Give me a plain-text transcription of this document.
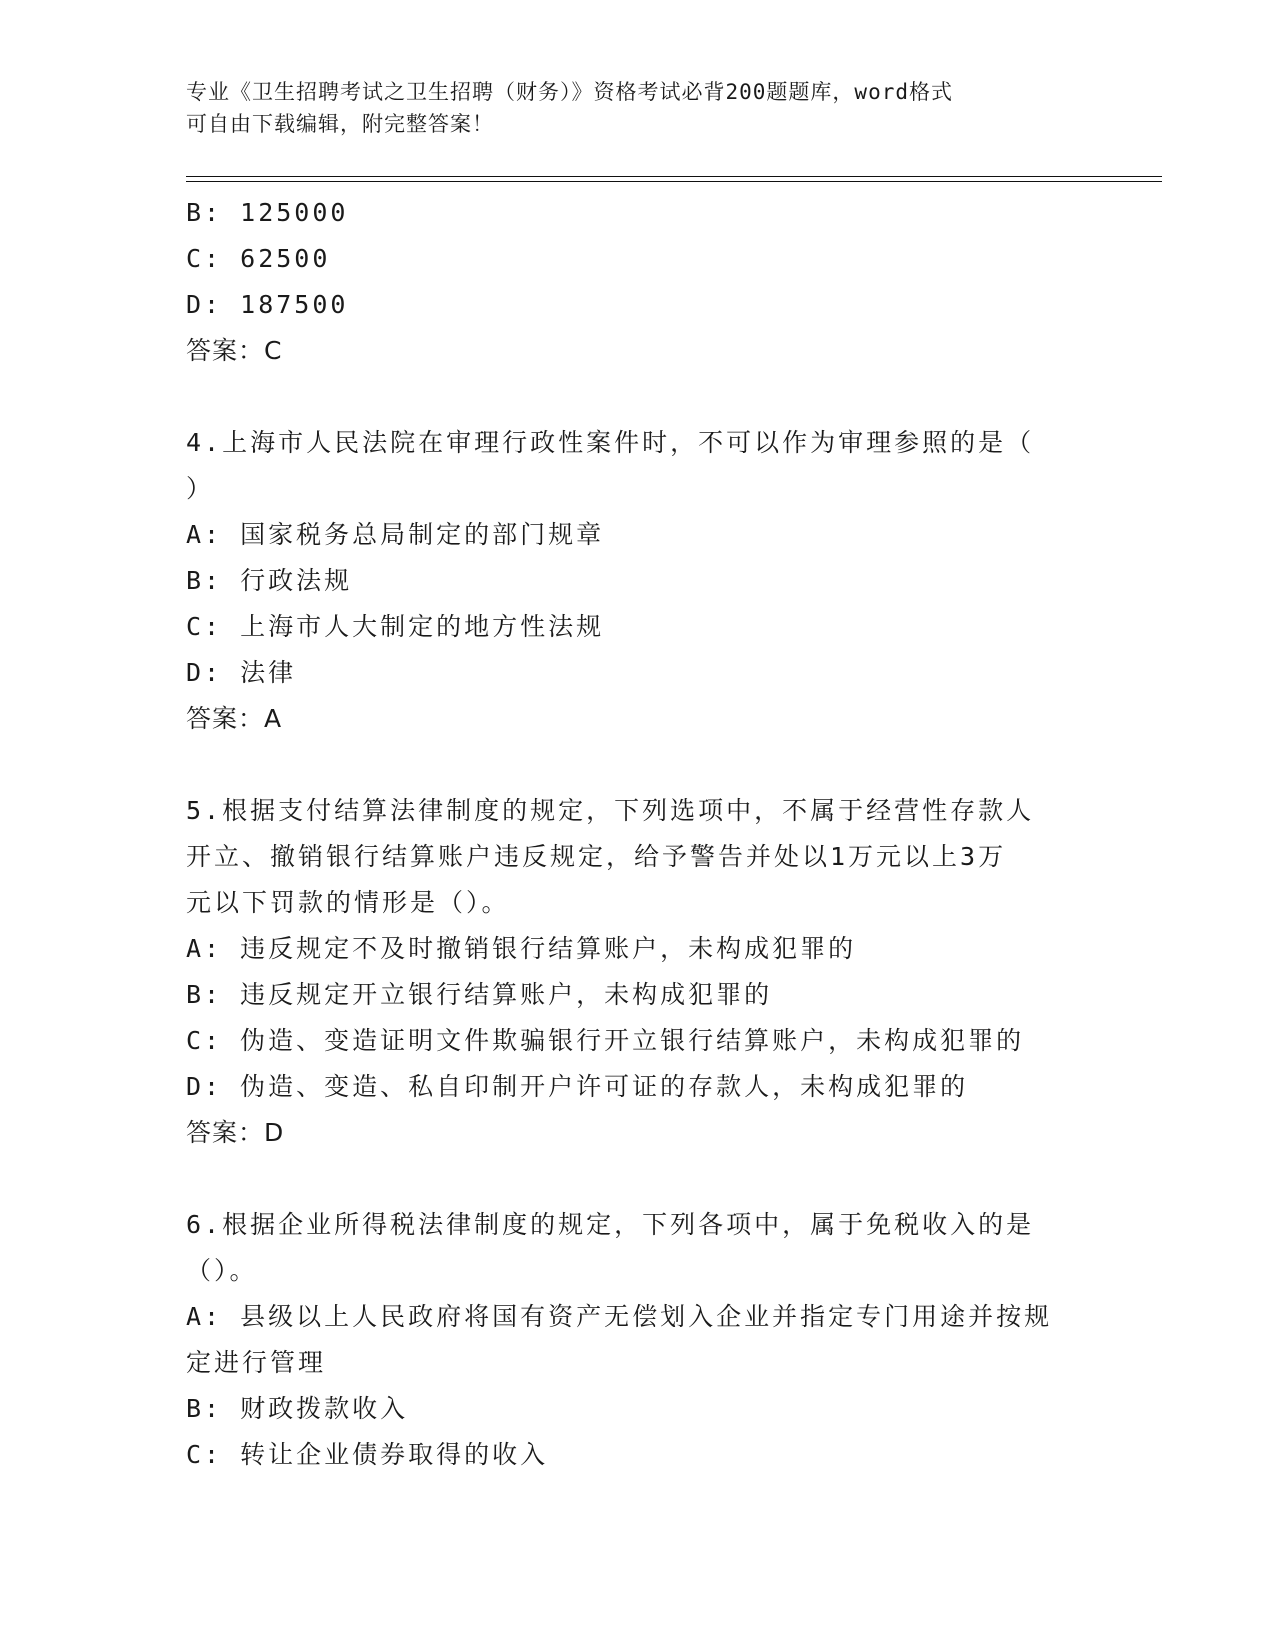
专业《卫生招聘考试之卫生招聘（财务）》资格考试必背200题题库，word格式
可自由下载编辑，附完整答案！
B: 125000
C: 62500
D: 187500
答案：C
4.上海市人民法院在审理行政性案件时，不可以作为审理参照的是（
）
A: 国家税务总局制定的部门规章
B: 行政法规
C: 上海市人大制定的地方性法规
D: 法律
答案：A
5.根据支付结算法律制度的规定，下列选项中，不属于经营性存款人
开立、撤销银行结算账户违反规定，给予警告并处以1万元以上3万
元以下罚款的情形是（）。
A: 违反规定不及时撤销银行结算账户，未构成犯罪的
B: 违反规定开立银行结算账户，未构成犯罪的
C: 伪造、变造证明文件欺骗银行开立银行结算账户，未构成犯罪的
D: 伪造、变造、私自印制开户许可证的存款人，未构成犯罪的
答案：D
6.根据企业所得税法律制度的规定，下列各项中，属于免税收入的是
（）。
A: 县级以上人民政府将国有资产无偿划入企业并指定专门用途并按规
定进行管理
B: 财政拨款收入
C: 转让企业债券取得的收入
